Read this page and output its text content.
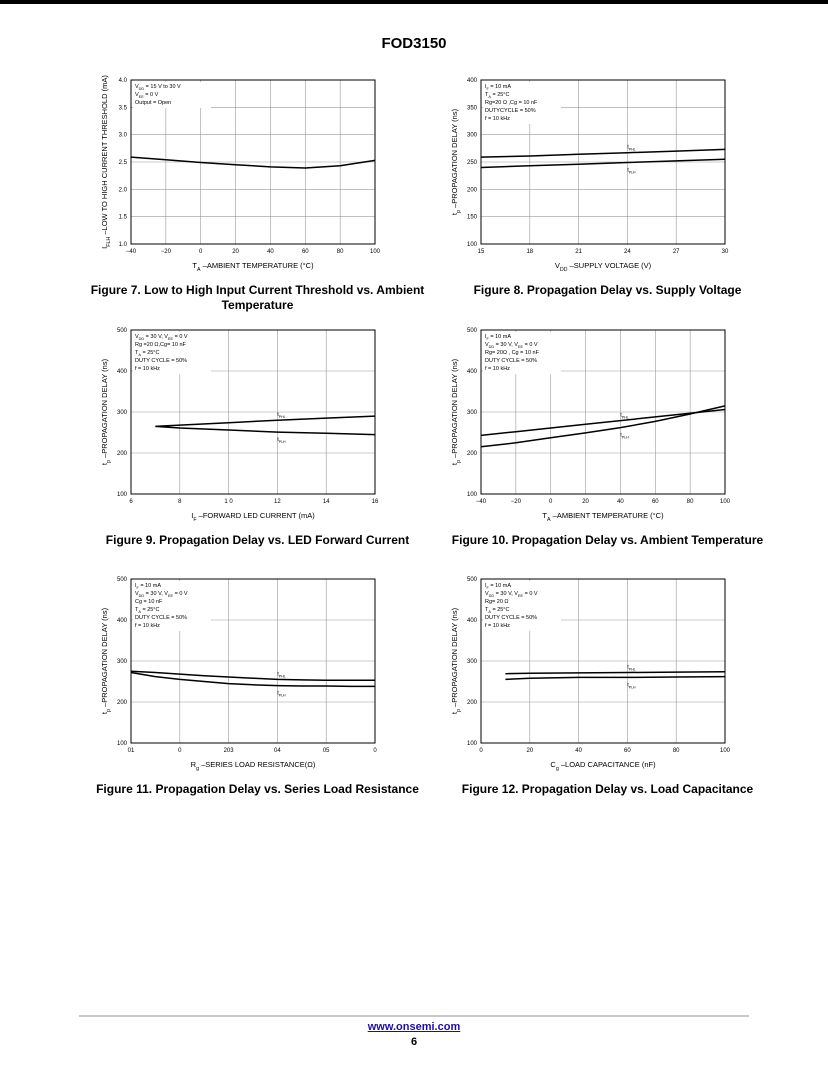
FOD3150
−40	−20	0	20	40	60	80	100
1.0
1.5
2.0
2.5
3.0
3.5
4.0
$T_A$ –AMBIENT TEMPERATURE (°C)
$I_{FLH}$ –LOW TO HIGH CURRENT THRESHOLD (mA)	$V_{DD} = 15$ V to 30 V
$V_{EE} = 0$ V
Output = Open
Figure 7. Low to High Input Current Threshold vs. Ambient Temperature
15	18	21	24	27	30
100
150
200
250
300
350
400
$V_{DD}$ –SUPPLY VOLTAGE (V)
$t_p$ –PROPAGATION DELAY (ns)
$I_F = 10$ mA
$T_A = 25^\circ C$
Rg=20 Ω ,Cg = 10 nF
DUTYCYCLE = 50%
f = 10 kHz
$t_{PHL}$
$t_{PLH}$
Figure 8. Propagation Delay vs. Supply Voltage
6	8	1 0	12	14	16
100
200
300
400
500
$I_F$ –FORWARD LED CURRENT (mA)
$t_p$ –PROPAGATION DELAY (ns)
$V_{DD} = 30$ V, $V_{EE} = 0$ V
Rg =20 Ω,Cg= 10 nF
$T_A = 25^\circ C$
DUTY CYCLE = 50%
f = 10 kHz
$t_{PHL}$
$t_{PLH}$
Figure 9. Propagation Delay vs. LED Forward Current
−40	−20	0	20	40	60	80	100
100
200
300
400
500
$T_A$ –AMBIENT TEMPERATURE (°C)
$t_p$ –PROPAGATION DELAY (ns)
$I_F = 10$ mA
$V_{DD} = 30$ V, $V_{EE} = 0$ V
Rg= 20Ω , Cg = 10 nF
DUTY CYCLE = 50%
f = 10 kHz
$t_{PHL}$
$t_{PLH}$
Figure 10. Propagation Delay vs. Ambient Temperature
01	0	203	04	05	0
100
200
300
400
500
$R_g$ –SERIES LOAD RESISTANCE(Ω)
$t_p$ –PROPAGATION DELAY (ns)
$I_F = 10$ mA
$V_{DD} = 30$ V, $V_{EE} = 0$ V
Cg = 10 nF
$T_A = 25^\circ C$
DUTY CYCLE = 50%
f = 10 kHz
$t_{PHL}$
$t_{PLH}$
Figure 11. Propagation Delay vs. Series Load Resistance
0	20	40	60	80	100
100
200
300
400
500
$C_g$ –LOAD CAPACITANCE (nF)
$t_p$ –PROPAGATION DELAY (ns)
$I_F = 10$ mA
$V_{DD} = 30$ V, $V_{EE} = 0$ V
Rg= 20 Ω
$T_A = 25^\circ C$
DUTY CYCLE = 50%
f = 10 kHz
$t_{PHL}$
$t_{PLH}$
Figure 12. Propagation Delay vs. Load Capacitance
www.onsemi.com
6
